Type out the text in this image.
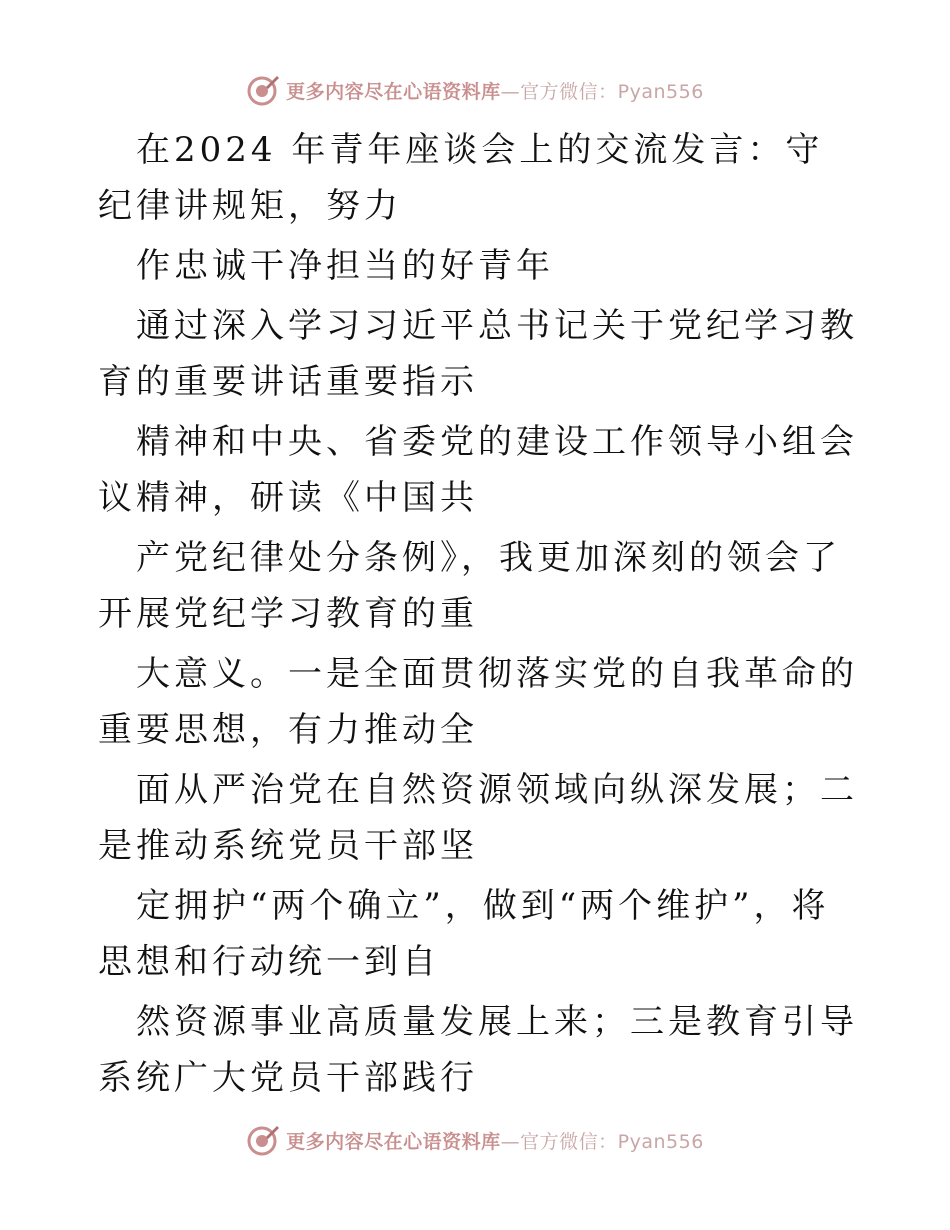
更多内容尽在心语资料库—官方微信：Pyan556

在2024 年青年座谈会上的交流发言：守纪律讲规矩，努力

作忠诚干净担当的好青年

通过深入学习习近平总书记关于党纪学习教育的重要讲话重要指示

精神和中央、省委党的建设工作领导小组会议精神，研读《中国共

产党纪律处分条例》，我更加深刻的领会了开展党纪学习教育的重

大意义。一是全面贯彻落实党的自我革命的重要思想，有力推动全

面从严治党在自然资源领域向纵深发展；二是推动系统党员干部坚

定拥护“两个确立”，做到“两个维护”，将思想和行动统一到自

然资源事业高质量发展上来；三是教育引导系统广大党员干部践行

更多内容尽在心语资料库—官方微信：Pyan556
